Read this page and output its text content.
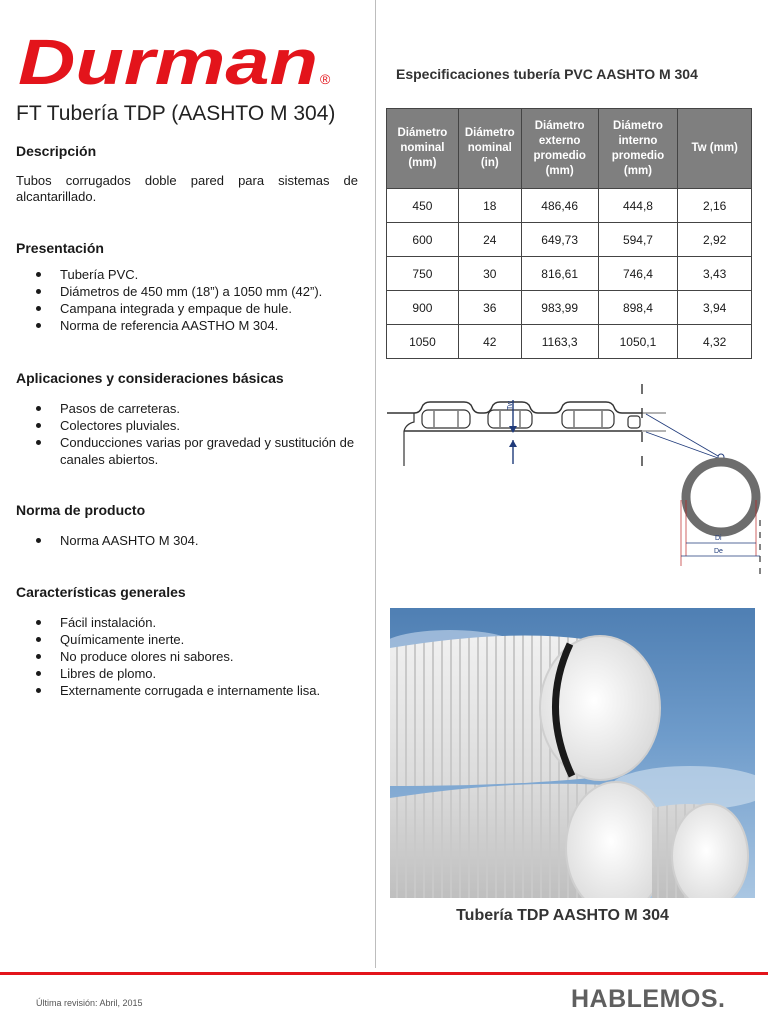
Durman ®
FT Tubería TDP (AASHTO M 304)
Descripción

Tubos corrugados doble pared para sistemas de alcantarillado.

Presentación
Tubería PVC.
Diámetros de 450 mm (18”) a 1050 mm (42”).
Campana integrada y empaque de hule.
Norma de referencia AASTHO M 304.
Aplicaciones y consideraciones básicas
Pasos de carreteras.
Colectores pluviales.
Conducciones varias por gravedad y sustitución de canales abiertos.
Norma de producto
Norma AASHTO M 304.
Características generales
Fácil instalación.
Químicamente inerte.
No produce olores ni sabores.
Libres de plomo.
Externamente corrugada e internamente lisa.
Especificaciones tubería PVC AASHTO M 304
Diámetro nominal (mm)	Diámetro nominal (in)	Diámetro externo promedio (mm)	Diámetro interno promedio (mm)	Tw (mm)
450	18	486,46	444,8	2,16
600	24	649,73	594,7	2,92
750	30	816,61	746,4	3,43
900	36	983,99	898,4	3,94
1050	42	1163,3	1050,1	4,32
Tw
Di
De
Tubería TDP AASHTO M 304
Última revisión: Abril, 2015	HABLEMOS.
